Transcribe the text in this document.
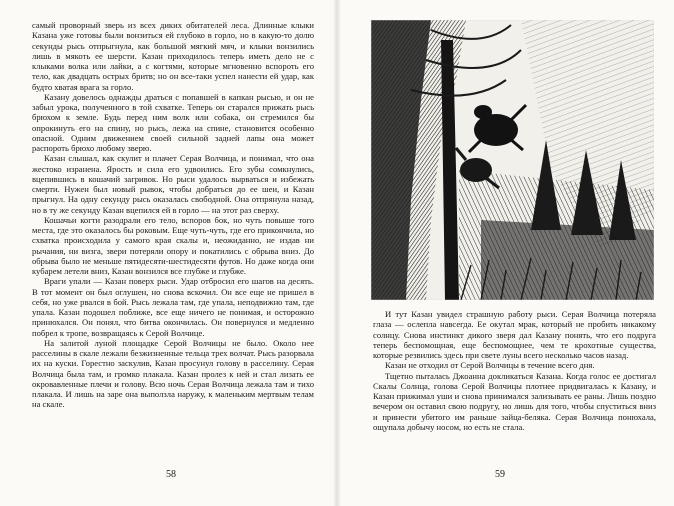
самый проворный зверь из всех диких обитателей леса. Длинные клыки Казана уже готовы были вонзиться ей глубоко в горло, но в какую-то долю секунды рысь отпрыгнула, как большой мягкий мяч, и клыки вонзились лишь в мякоть ее шерсти. Казан приходилось теперь иметь дело не с клыками волка или лайки, а с когтями, которые мгновенно вспороть его тело, как двадцать острых бритв; но он все-таки успел нанести ей удар, как будто хватая врага за горло.

Казану довелось однажды драться с попавшей в капкан рысью, и он не забыл урока, полученного в той схватке. Теперь он старался прижать рысь брюхом к земле. Будь перед ним волк или собака, он стремился бы опрокинуть его на спину, но рысь, лежа на спине, становится особенно опасной. Одним движением своей сильной задней лапы она может распороть брюхо любому зверю.

Казан слышал, как скулит и плачет Серая Волчица, и понимал, что она жестоко изранена. Ярость и сила его удвоились. Его зубы сомкнулись, вцепившись в кошачий загривок. Но рыси удалось вырваться и избежать смерти. Нужен был новый рывок, чтобы добраться до ее шеи, и Казан прыгнул. На одну секунду рысь оказалась свободной. Она отпрянула назад, но в ту же секунду Казан вцепился ей в горло — на этот раз сверху.

Кошачьи когти разодрали его тело, вспоров бок, но чуть повыше того места, где это оказалось бы роковым. Еще чуть-чуть, где его прикончила, но схватка происходила у самого края скалы и, неожиданно, не издав ни рычания, ни визга, звери потеряли опору и покатились с обрыва вниз. До обрыва было не меньше пятидесяти-шестидесяти футов. Но даже когда они кубарем летели вниз, Казан вонзился все глубже и глубже.

Враги упали — Казан поверх рыси. Удар отбросил его шагов на десять. В тот момент он был оглушен, но снова вскочил. Он все еще не пришел в себя, но уже рвался в бой. Рысь лежала там, где упала, неподвижно там, где упала. Казан подошел поближе, все еще ничего не понимая, и осторожно принюхался. Он понял, что битва окончилась. Он повернулся и медленно побрел к тропе, возвращаясь к Серой Волчице.

На залитой луной площадке Серой Волчицы не было. Около нее расселины в скале лежали безжизненные тельца трех волчат. Рысь разорвала их на куски. Горестно заскулив, Казан просунул голову в расселину. Серая Волчица была там, и громко плакала. Казан пролез к ней и стал лизать ее окровавленные плечи и голову. Всю ночь Серая Волчица лежала там и тихо плакала. И лишь на заре она выползла наружу, к маленьким мертвым телам на скале.

58

И тут Казан увидел страшную работу рыси. Серая Волчица потеряла глаза — ослепла навсегда. Ее окутал мрак, который не пробить никакому солнцу. Снова инстинкт дикого зверя дал Казану понять, что его подруга теперь беспомощная, еще беспомощнее, чем те крохотные существа, которые резвились здесь при свете луны всего несколько часов назад.

Казан не отходил от Серой Волчицы в течение всего дня.

Тщетно пыталась Джоанна докликаться Казана. Когда голос ее достигал Скалы Солнца, голова Серой Волчицы плотнее придвигалась к Казану, и Казан прижимал уши и снова принимался зализывать ее раны. Лишь поздно вечером он оставил свою подругу, но лишь для того, чтобы спуститься вниз и принести убитого им раньше зайца-беляка. Серая Волчица понюхала, ощупала добычу носом, но есть не стала.

59
